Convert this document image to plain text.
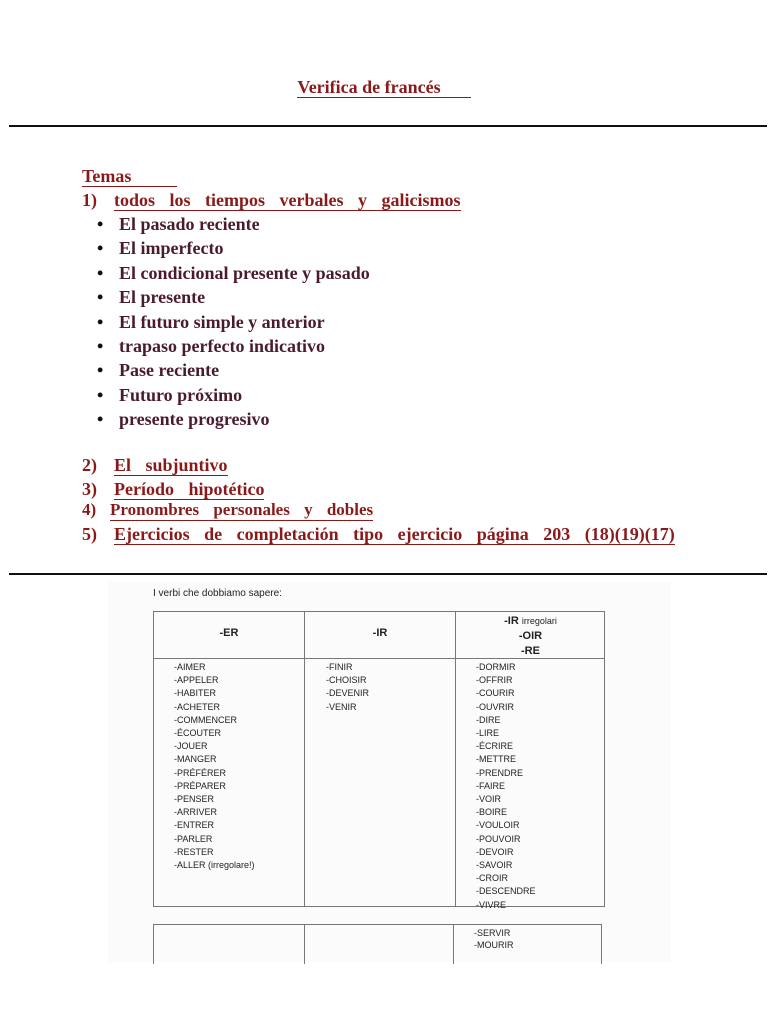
Verifica de francés
Temas
1) todos los tiempos verbales y galicismos
• El pasado reciente
• El imperfecto
• El condicional presente y pasado
• El presente
• El futuro simple y anterior
• trapaso perfecto indicativo
• Pase reciente
• Futuro próximo
• presente progresivo
2) El subjuntivo
3) Período hipotético
4) Pronombres personales y dobles
5) Ejercicios de completación tipo ejercicio página 203 (18)(19)(17)
I verbi che dobbiamo sapere:
-ER
-AIMER
-APPELER
-HABITER
-ACHETER
-COMMENCER
-ÉCOUTER
-JOUER
-MANGER
-PRÉFÉRER
-PRÉPARER
-PENSER
-ARRIVER
-ENTRER
-PARLER
-RESTER
-ALLER (irregolare!)
-IR
-FINIR
-CHOISIR
-DEVENIR
-VENIR
-IR irregolari
-OIR
-RE
-DORMIR
-OFFRIR
-COURIR
-OUVRIR
-DIRE
-LIRE
-ÉCRIRE
-METTRE
-PRENDRE
-FAIRE
-VOIR
-BOIRE
-VOULOIR
-POUVOIR
-DEVOIR
-SAVOIR
-CROIR
-DESCENDRE
-VIVRE
-SERVIR
-MOURIR
